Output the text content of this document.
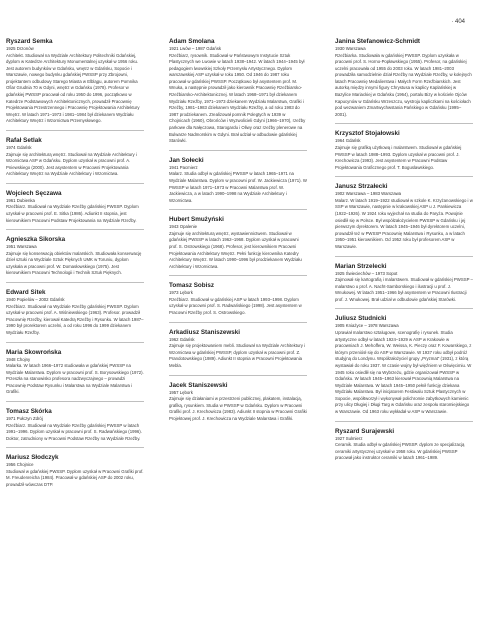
· 404
Ryszard Semka
1925 Drzonów
Architekt. Studiował na Wydziale Architektury Politechniki Gdańskiej, dyplom w Katedrze Architektury Monumentalnej uzyskał w 1956 roku. Jest autorem budynków w Gdańsku, wnętrz w Gdańsku, Sopocie i Warszawie, nowego budynku gdańskiej PWSSP przy Zbrojowni, projektantem odbudowy Starego Miasta w Elblągu, autorem Pomnika Ofiar Grudnia 70 w Gdyni, wnętrz w Gdańsku (1978). Profesor w gdańskiej PWSSP pracował od roku 1950 do 1996, początkowo w Katedrze Podstawowych Architektonicznych, prowadził Pracownię Projektowania Przestrzennego i Pracownię Projektowania Architektury Wnętrz. W latach 1971–1973 i 1981–1984 był dziekanem Wydziału Architektury Wnętrz i Wzornictwa Przemysłowego.
Rafał Setlak
1974 Gdańsk
Zajmuje się architekturą wnętrz. Studiował na Wydziale Architektury i Wzornictwa ASP w Gdańsku. Dyplom uzyskał w pracowni prof. A. Pniewskiego (2000). Jest asystentem w Pracowni Projektowania Architektury Wnętrz na Wydziale Architektury i Wzornictwa.
Wojciech Sęczawa
1961 Dubienka
Rzeźbiarz. Studiował na Wydziale Rzeźby gdańskiej PWSSP. Dyplom uzyskał w pracowni prof. E. Sitka (1986). Adiunkt II stopnia, jest kierownikiem Pracowni Podstaw Projektowania na Wydziale Rzeźby.
Agnieszka Sikorska
1951 Warszawa
Zajmuje się konserwacją obiektów malarskich. Studiowała konserwację dzieł sztuki na Wydziale Sztuk Pięknych UMK w Toruniu, dyplom uzyskała w pracowni prof. W. Domasłowskiego (1975). Jest kierownikiem Pracowni Technologii i Technik Sztuk Pięknych.
Edward Sitek
1940 Popielów – 2002 Gdańsk
Rzeźbiarz. Studiował na Wydziale Rzeźby gdańskiej PWSSP. Dyplom uzyskał w pracowni prof. A. Wiśniewskiego (1963). Profesor. prowadził Pracownię Rzeźby, kierował Katedrą Rzeźby i Rysunku. W latach 1987–1990 był prorektorem uczelni, a od roku 1996 do 1999 dziekanem Wydziału Rzeźby.
Maria Skowrońska
1948 Chojny
Malarka. W latach 1966–1972 studiowała w gdańskiej PWSSP na Wydziale Malarstwa. Dyplom w pracowni prof. S. Borysowskiego (1972). Przeszła na stanowisko profesora nadzwyczajnego – prowadzi Pracownię Podstaw Rysunku i Malarstwa na Wydziale Malarstwa i Grafiki.
Tomasz Skórka
1971 Pułczyn Zdrój
Rzeźbiarz. Studiował na Wydziale Rzeźby gdańskiej PWSSP w latach 1991–1996. Dyplom uzyskał w pracowni prof. S. Radwańskiego (1996). Doktor, zatrudniony w Pracowni Podstaw Rzeźby na Wydziale Rzeźby.
Mariusz Słodczyk
1956 Chojnice
Studiował w gdańskiej PWSSP. Dyplom uzyskał w Pracowni Grafiki prof. M. Freudenreicha (1984). Pracował w gdańskiej ASP do 2002 roku, prowadził wówczas DTP.
Adam Smolana
1921 Lwów – 1987 Gdańsk
Rzeźbiarz, rysownik. Studiował w Państwowym Instytucie Sztuk Plastycznych we Lwowie w latach 1938–1942. W latach 1944–1945 był pedagogiem lwowskiej Szkoły Przemysłu Artystycznego. Dyplom warszawskiej ASP uzyskał w roku 1950. Od 1946 do 1987 roku pracował w gdańskiej PWSSP. Początkowo był asystentem prof. M. Wnuka, a następnie prowadził jako kierownik Pracownię Rzeźbiarsko-Rzeźbiarsko-Architektonicznej. W latach 1968–1971 był dziekanem Wydziału Rzeźby, 1971–1973 dziekanem Wydziału Malarstwa, Grafiki i Rzeźby, 1981–1983 dziekanem Wydziału Rzeźby, a od roku 1983 do 1987 prodziekanem. Zrealizował pomnik Polegtych w 1939 w Chojnicach (1960), Obrońców i Wyzwolicieli Gdyni (1966–1970), rzeźby parkowe dla Nałęczowa, Starogardu i Oliwy oraz rzeźby plenerowe na Bulwarze Nadmorskim w Gdyni. Brał udział w odbudowie gdańskiej Starówki.
Jan Sołecki
1941 Pacmierz
Malarz. Studia odbył w gdańskiej PWSSP w latach 1965–1971 na Wydziale Malarstwa. Dyplom w pracowni prof. W. Jackiewicza (1971). W PWSSP w latach 1971–1973 w Pracowni Malarstwa prof. W. Jackiewicza, a w latach 1990–1998 na Wydziale Architektury i Wzornictwa.
Hubert Smużyński
1943 Opalenie
Zajmuje się architekturą wnętrz, wystawiennictwem. Studiował w gdańskiej PWSSP w latach 1962–1968. Dyplom uzyskał w pracowni prof. S. Ostrowskiego (1968). Profesor, jest kierownikiem Pracowni Projektowania Architektury Wnętrz. Pełni funkcję kierownika Katedry Architektury Wnętrz. W latach 1990–1996 był prodziekanem Wydziału Architektury i Wzornictwa.
Tomasz Sobisz
1973 Lębork
Rzeźbiarz. Studiował w gdańskiej ASP w latach 1993–1998. Dyplom uzyskał w pracowni prof. S. Radwańskiego (1998). Jest asystentem w Pracowni Rzeźby prof. S. Ostrowskiego.
Arkadiusz Staniszewski
1962 Gdańsk
Zajmuje się projektowaniem mebli. Studiował na Wydziale Architektury i Wzornictwa w gdańskiej PWSSP, dyplom uzyskał w pracowni prof. Z. Prandotowskiego (1989). Adiunkt II stopnia w Pracowni Projektowania Mebla.
Jacek Staniszewski
1957 Lębork
Zajmuje się działaniami w przestrzeni publicznej, plakatem, instalacją, grafiką, rysunkiem. Studia w PWSSP w Gdańsku. Dyplom w Pracowni Grafiki prof. J. Krechowicza (1983). Adiunkt II stopnia w Pracowni Grafiki Projektowej prof. J. Krechowicza na Wydziale Malarstwa i Grafiki.
Janina Stefanowicz-Schmidt
1930 Warszawa
Rzeźbiarka. Studiowała w gdańskiej PWSSP. Dyplom uzyskała w pracowni prof. S. Horno-Popławskiego (1955). Profesor, na gdańskiej uczelni pracowała od 1955 do 2003 roku. W latach 1981–2003 prowadziła samodzielnie dział Rzeźby na Wydziale Rzeźby, w kolejnych latach Pracownię Medalierstwa i Małych Form Rzeźbiarskich. Jest autorką między innymi figury Chrystusa w kaplicy Kaplańskiej w Bazylice Mariackiej w Gdańsku (1964), portalu Bizy w kościele Ojców Kapucynów w Gdańsku Wrzeszczu, wystroju kapliczkami na kościołach pod wezwaniem Zmartwychwstania Pańskiego w Gdańsku (1995–2001).
Krzysztof Stojałowski
1964 Gdańsk
Zajmuje się grafiką użytkową i malarstwem. Studiował w gdańskiej PWSSP w latach 1988–1993. Dyplom uzyskał w pracowni prof. J. Krechowicza (1993). Jest asystentem w Pracowni Podstaw Projektowania Graficznego prof. T. Boguslawskiego.
Janusz Strzałecki
1902 Warszawa – 1983 Warszawa
Malarz. W latach 1919–1922 studiował w szkole K. Krzyżanowskiego i w SSP w Warszawie, następnie w krakowskiej ASP u J. Pankiewicza (1922–1926). W 1924 roku wyjechał na studia do Paryża. Powojnie osiedlił się w Polsce. Był współzałożycielem PWSSP w Gdańsku i jej pierwszym dyrektorem. W latach 1945–1946 był dyrektorem uczelni, prowadził też w PWSSP Pracownię Malarstwa i Rysunku, a w latach 1950–1951 kierownikiem. Od 1952 roku był profesorem ASP w Warszawie.
Marian Strzelecki
1925 Świeciechów – 1973 Sopot
Zajmował się kartografią i malarstwem. Studiował w gdańskiej PWSSP – malarstwo u prof. A. Nacht-Samborskiego i ilustracji u prof. J. Wnukowej. W latach 1951–1966 był asystentem w Pracowni Ilustracji prof. J. Wnukowej. Brał udział w odbudowie gdańskiej Starówki.
Juliusz Studnicki
1905 Kniażyce – 1978 Warszawa
Uprawiał malarstwo sztalugowe, scenografię i rysunek. Studia artystyczne odbył w latach 1924–1929 w ASP w Krakowie w pracowniach J. Mehoffera, W. Weissa, K. Pieczy oraz F. Kowarskiego, z którym przeniósł się do ASP w Warszawie. W 1937 roku odbył podróż studyjną do Londynu. Współzałożyciel grupy „Pryzmat” (1931), z którą wystawiał do roku 1937. W czasie wojny był więźniem w Oświęcimiu. W 1945 roku osiedlił się na Wybrzeżu, gdzie organizował PWSSP w Gdańsku. W latach 1945–1963 kierował Pracownią Malarstwa na Wydziale Malarstwa. W latach 1945–1950 pełnił funkcję dziekana Wydziału Malarstwa. Był inicjatorem Festiwalu Sztuk Plastycznych w Sopocie, współtworzył i wykonywał polichromie zabytkowych kamienic przy ulicy Długiej i Długi Targ w Gdańsku oraz zespołu staromiejskiego w Warszawie. Od 1963 roku wykładał w ASP w Warszawie.
Ryszard Surajewski
1927 Sulmierz
Ceramik. Studia odbył w gdańskiej PWSSP. dyplom ze specjalizacją ceramiki artystycznej uzyskał w 1958 roku. W gdańskiej PWSSP pracował jako instruktor ceramiki w latach 1961–1989.
